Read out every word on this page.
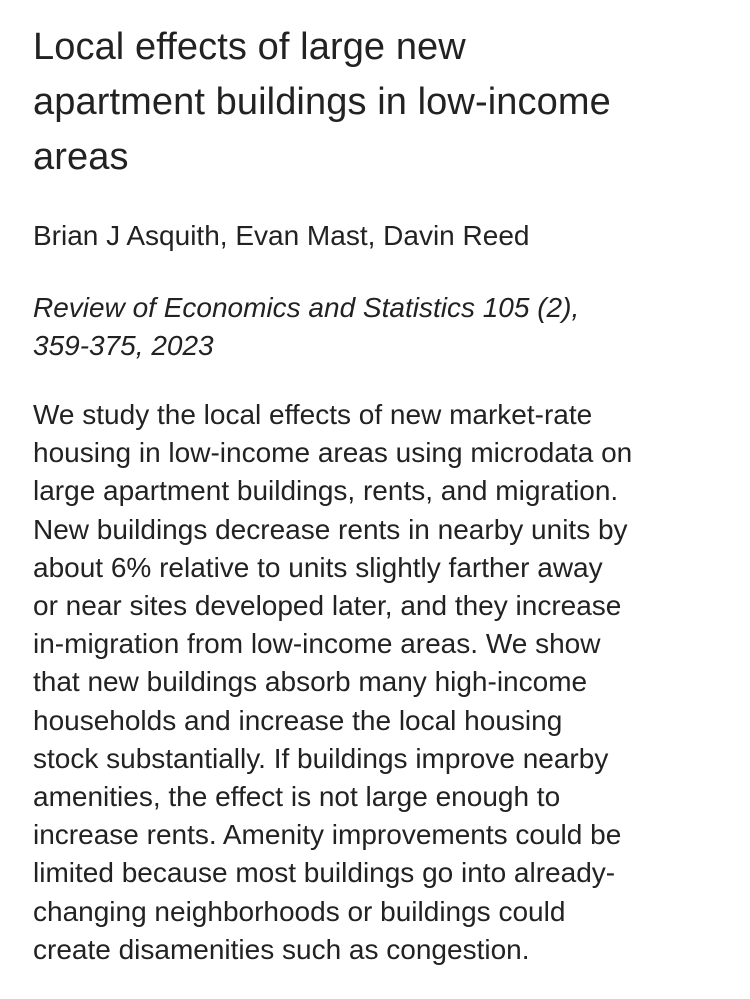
Local effects of large new
apartment buildings in low-income
areas

Brian J Asquith, Evan Mast, Davin Reed

Review of Economics and Statistics 105 (2),
359-375, 2023

We study the local effects of new market-rate
housing in low-income areas using microdata on
large apartment buildings, rents, and migration.
New buildings decrease rents in nearby units by
about 6% relative to units slightly farther away
or near sites developed later, and they increase
in-migration from low-income areas. We show
that new buildings absorb many high-income
households and increase the local housing
stock substantially. If buildings improve nearby
amenities, the effect is not large enough to
increase rents. Amenity improvements could be
limited because most buildings go into already-
changing neighborhoods or buildings could
create disamenities such as congestion.
